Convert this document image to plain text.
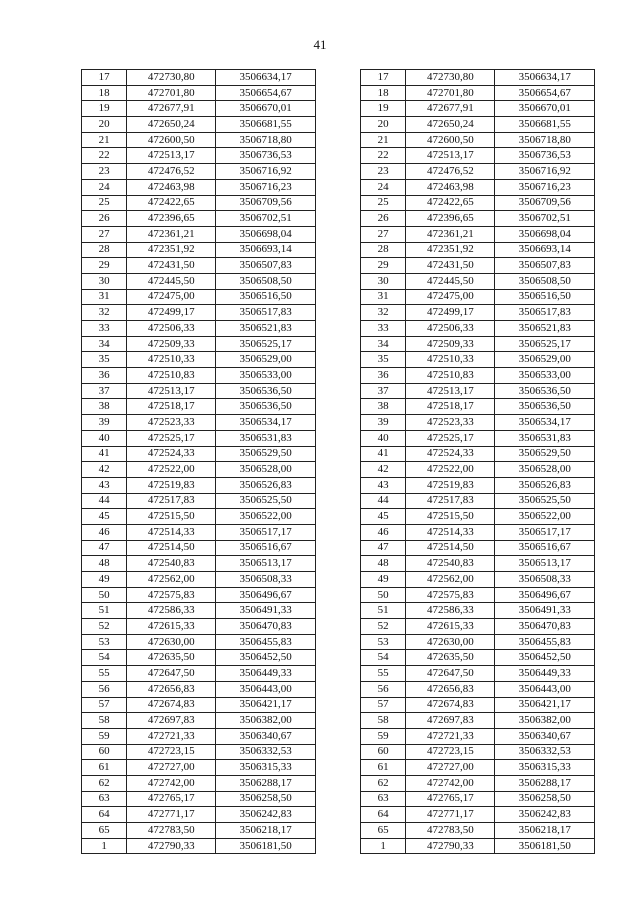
41
17	472730,80	3506634,17		17	472730,80	3506634,17
18	472701,80	3506654,67		18	472701,80	3506654,67
19	472677,91	3506670,01		19	472677,91	3506670,01
20	472650,24	3506681,55		20	472650,24	3506681,55
21	472600,50	3506718,80		21	472600,50	3506718,80
22	472513,17	3506736,53		22	472513,17	3506736,53
23	472476,52	3506716,92		23	472476,52	3506716,92
24	472463,98	3506716,23		24	472463,98	3506716,23
25	472422,65	3506709,56		25	472422,65	3506709,56
26	472396,65	3506702,51		26	472396,65	3506702,51
27	472361,21	3506698,04		27	472361,21	3506698,04
28	472351,92	3506693,14		28	472351,92	3506693,14
29	472431,50	3506507,83		29	472431,50	3506507,83
30	472445,50	3506508,50		30	472445,50	3506508,50
31	472475,00	3506516,50		31	472475,00	3506516,50
32	472499,17	3506517,83		32	472499,17	3506517,83
33	472506,33	3506521,83		33	472506,33	3506521,83
34	472509,33	3506525,17		34	472509,33	3506525,17
35	472510,33	3506529,00		35	472510,33	3506529,00
36	472510,83	3506533,00		36	472510,83	3506533,00
37	472513,17	3506536,50		37	472513,17	3506536,50
38	472518,17	3506536,50		38	472518,17	3506536,50
39	472523,33	3506534,17		39	472523,33	3506534,17
40	472525,17	3506531,83		40	472525,17	3506531,83
41	472524,33	3506529,50		41	472524,33	3506529,50
42	472522,00	3506528,00		42	472522,00	3506528,00
43	472519,83	3506526,83		43	472519,83	3506526,83
44	472517,83	3506525,50		44	472517,83	3506525,50
45	472515,50	3506522,00		45	472515,50	3506522,00
46	472514,33	3506517,17		46	472514,33	3506517,17
47	472514,50	3506516,67		47	472514,50	3506516,67
48	472540,83	3506513,17		48	472540,83	3506513,17
49	472562,00	3506508,33		49	472562,00	3506508,33
50	472575,83	3506496,67		50	472575,83	3506496,67
51	472586,33	3506491,33		51	472586,33	3506491,33
52	472615,33	3506470,83		52	472615,33	3506470,83
53	472630,00	3506455,83		53	472630,00	3506455,83
54	472635,50	3506452,50		54	472635,50	3506452,50
55	472647,50	3506449,33		55	472647,50	3506449,33
56	472656,83	3506443,00		56	472656,83	3506443,00
57	472674,83	3506421,17		57	472674,83	3506421,17
58	472697,83	3506382,00		58	472697,83	3506382,00
59	472721,33	3506340,67		59	472721,33	3506340,67
60	472723,15	3506332,53		60	472723,15	3506332,53
61	472727,00	3506315,33		61	472727,00	3506315,33
62	472742,00	3506288,17		62	472742,00	3506288,17
63	472765,17	3506258,50		63	472765,17	3506258,50
64	472771,17	3506242,83		64	472771,17	3506242,83
65	472783,50	3506218,17		65	472783,50	3506218,17
1	472790,33	3506181,50		1	472790,33	3506181,50
